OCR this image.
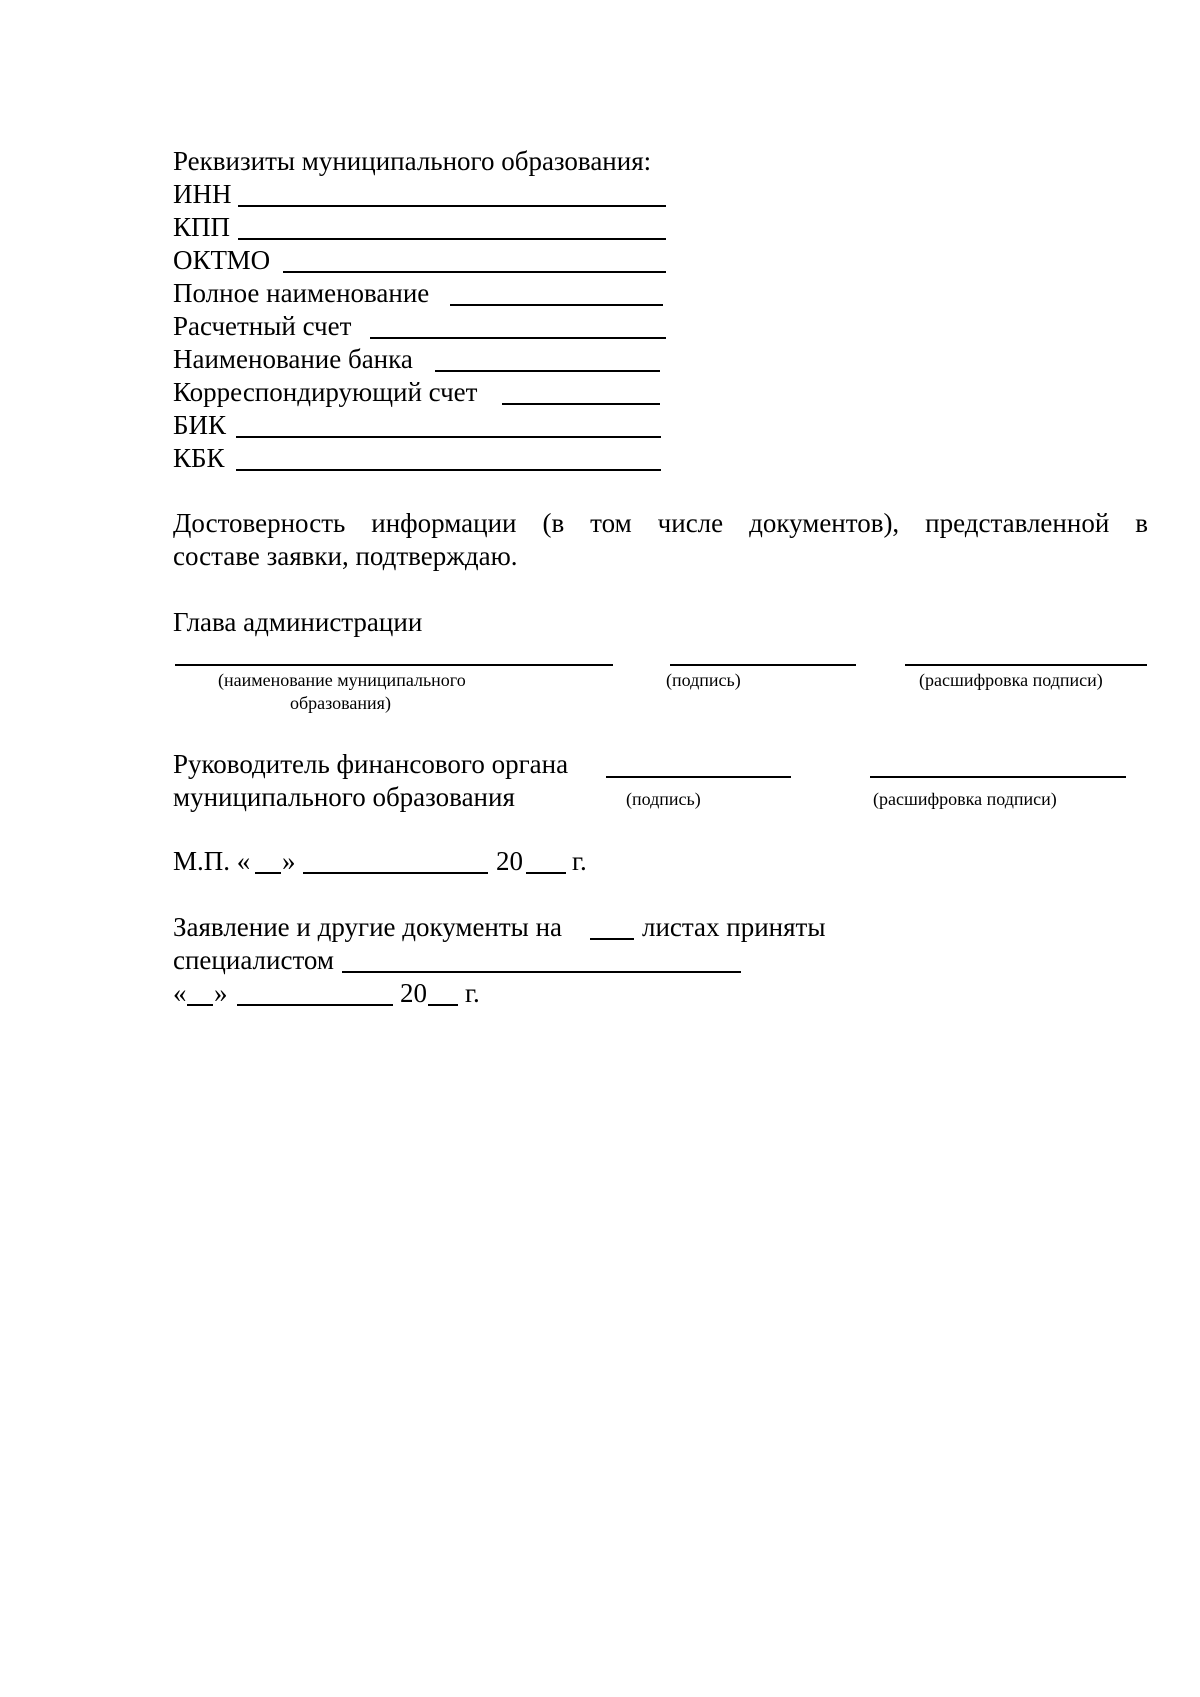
Реквизиты муниципального образования:
ИНН
КПП
ОКТМО
Полное наименование
Расчетный счет
Наименование банка
Корреспондирующий счет
БИК
КБК
Достоверность информации (в том числе документов), представленной в
составе заявки, подтверждаю.
Глава администрации
(наименование муниципального
образования)
(подпись)	(расшифровка подписи)
Руководитель финансового органа
муниципального образования	(подпись)	(расшифровка подписи)
М.П. « »	20 г.
Заявление и другие документы на	листах приняты
специалистом
« »	20 г.
